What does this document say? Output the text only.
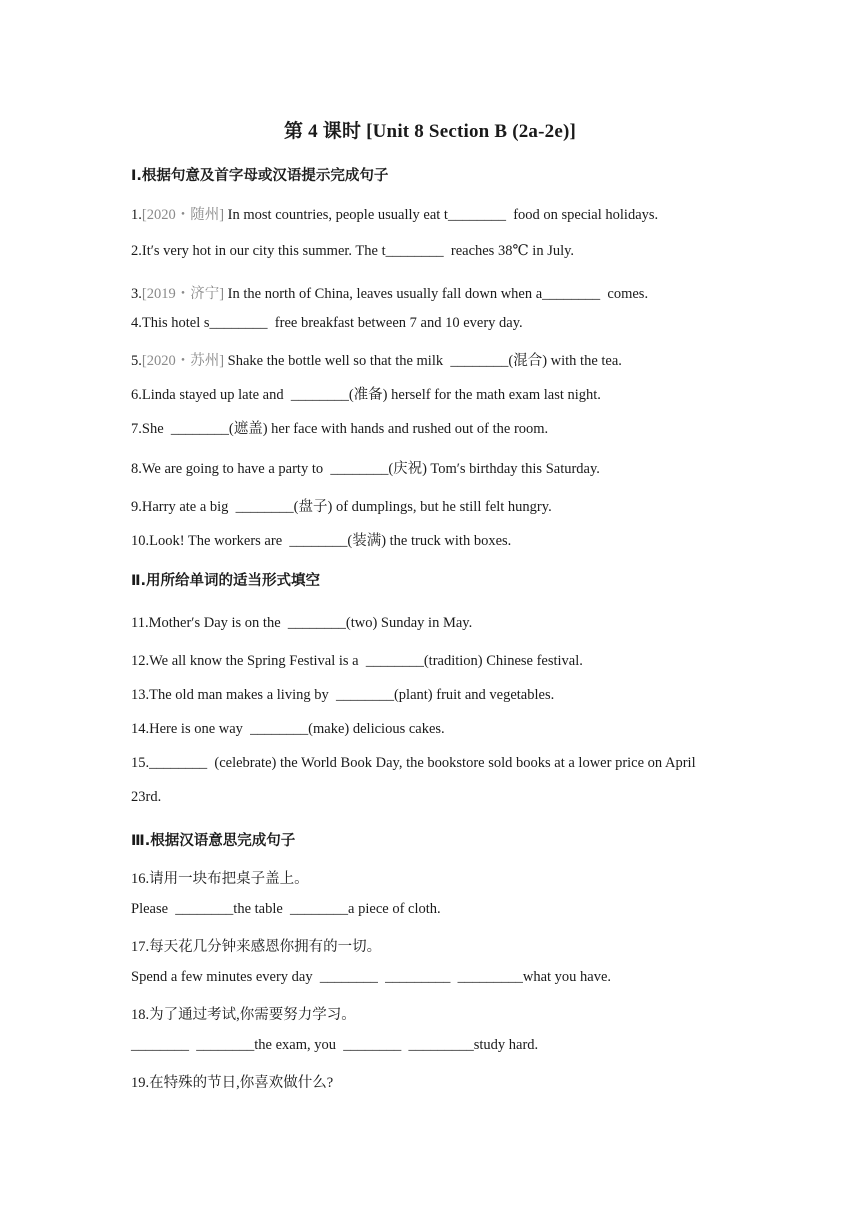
第 4 课时 [Unit 8 Section B (2a-2e)]
Ⅰ.根据句意及首字母或汉语提示完成句子
1.[2020・随州] In most countries, people usually eat t________  food on special holidays.
2.It′s very hot in our city this summer. The t________  reaches 38℃ in July.
3.[2019・济宁] In the north of China, leaves usually fall down when a________  comes.
4.This hotel s________  free breakfast between 7 and 10 every day.
5.[2020・苏州] Shake the bottle well so that the milk  ________(混合) with the tea.
6.Linda stayed up late and  ________(准备) herself for the math exam last night.
7.She  ________(遮盖) her face with hands and rushed out of the room.
8.We are going to have a party to  ________(庆祝) Tom′s birthday this Saturday.
9.Harry ate a big  ________(盘子) of dumplings, but he still felt hungry.
10.Look! The workers are  ________(装满) the truck with boxes.
Ⅱ.用所给单词的适当形式填空
11.Mother′s Day is on the  ________(two) Sunday in May.
12.We all know the Spring Festival is a  ________(tradition) Chinese festival.
13.The old man makes a living by  ________(plant) fruit and vegetables.
14.Here is one way  ________(make) delicious cakes.
15.________  (celebrate) the World Book Day, the bookstore sold books at a lower price on April
23rd.
Ⅲ.根据汉语意思完成句子
16.请用一块布把桌子盖上。
Please  ________the table  ________a piece of cloth.
17.每天花几分钟来感恩你拥有的一切。
Spend a few minutes every day  ________  _________  _________what you have.
18.为了通过考试,你需要努力学习。
________  ________the exam, you  ________  _________study hard.
19.在特殊的节日,你喜欢做什么?
